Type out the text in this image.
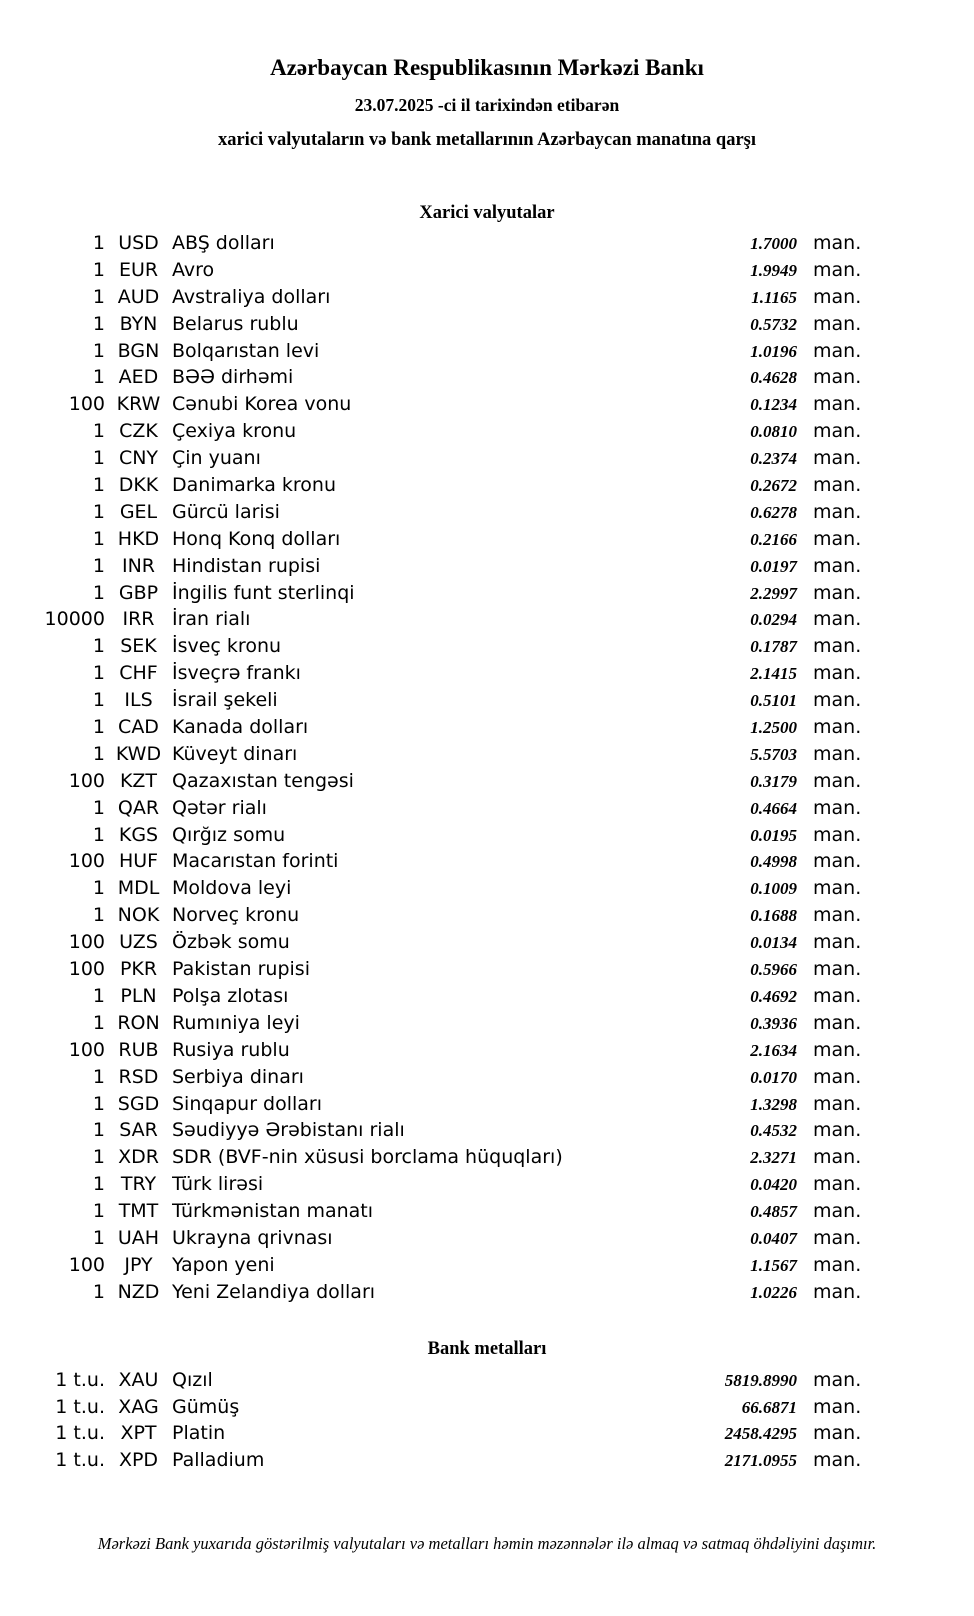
Azərbaycan Respublikasının Mərkəzi Bankı
23.07.2025 -ci il tarixindən etibarən
xarici valyutaların və bank metallarının Azərbaycan manatına qarşı
Xarici valyutalar
1 USD ABŞ dolları	1.7000 man.
1 EUR Avro	1.9949 man.
1 AUD Avstraliya dolları	1.1165 man.
1 BYN Belarus rublu	0.5732 man.
1 BGN Bolqarıstan levi	1.0196 man.
1 AED BƏƏ dirhəmi	0.4628 man.
100 KRW Cənubi Korea vonu	0.1234 man.
1 CZK Çexiya kronu	0.0810 man.
1 CNY Çin yuanı	0.2374 man.
1 DKK Danimarka kronu	0.2672 man.
1 GEL Gürcü larisi	0.6278 man.
1 HKD Honq Konq dolları	0.2166 man.
1 INR Hindistan rupisi	0.0197 man.
1 GBP İngilis funt sterlinqi	2.2997 man.
10000 IRR İran rialı	0.0294 man.
1 SEK İsveç kronu	0.1787 man.
1 CHF İsveçrə frankı	2.1415 man.
1	ILS	İsrail şekeli	0.5101 man.
1 CAD Kanada dolları	1.2500 man.
1 KWD Küveyt dinarı	5.5703 man.
100 KZT Qazaxıstan tengəsi	0.3179 man.
1 QAR Qətər rialı	0.4664 man.
1 KGS Qırğız somu	0.0195 man.
100 HUF Macarıstan forinti	0.4998 man.
1 MDL Moldova leyi	0.1009 man.
1 NOK Norveç kronu	0.1688 man.
100 UZS Özbək somu	0.0134 man.
100 PKR Pakistan rupisi	0.5966 man.
1 PLN Polşa zlotası	0.4692 man.
1 RON Rumıniya leyi	0.3936 man.
100 RUB Rusiya rublu	2.1634 man.
1 RSD Serbiya dinarı	0.0170 man.
1 SGD Sinqapur dolları	1.3298 man.
1 SAR Səudiyyə Ərəbistanı rialı	0.4532 man.
1 XDR SDR (BVF-nin xüsusi borclama hüquqları)	2.3271 man.
1 TRY Türk lirəsi	0.0420 man.
1 TMT Türkmənistan manatı	0.4857 man.
1 UAH Ukrayna qrivnası	0.0407 man.
100	JPY	Yapon yeni	1.1567 man.
1 NZD Yeni Zelandiya dolları	1.0226 man.
Bank metalları
1 t.u. XAU Qızıl	5819.8990 man.
1 t.u. XAG Gümüş	66.6871 man.
1 t.u. XPT Platin	2458.4295 man.
1 t.u. XPD Palladium	2171.0955 man.
Mərkəzi Bank yuxarıda göstərilmiş valyutaları və metalları həmin məzənnələr ilə almaq və satmaq öhdəliyini daşımır.
